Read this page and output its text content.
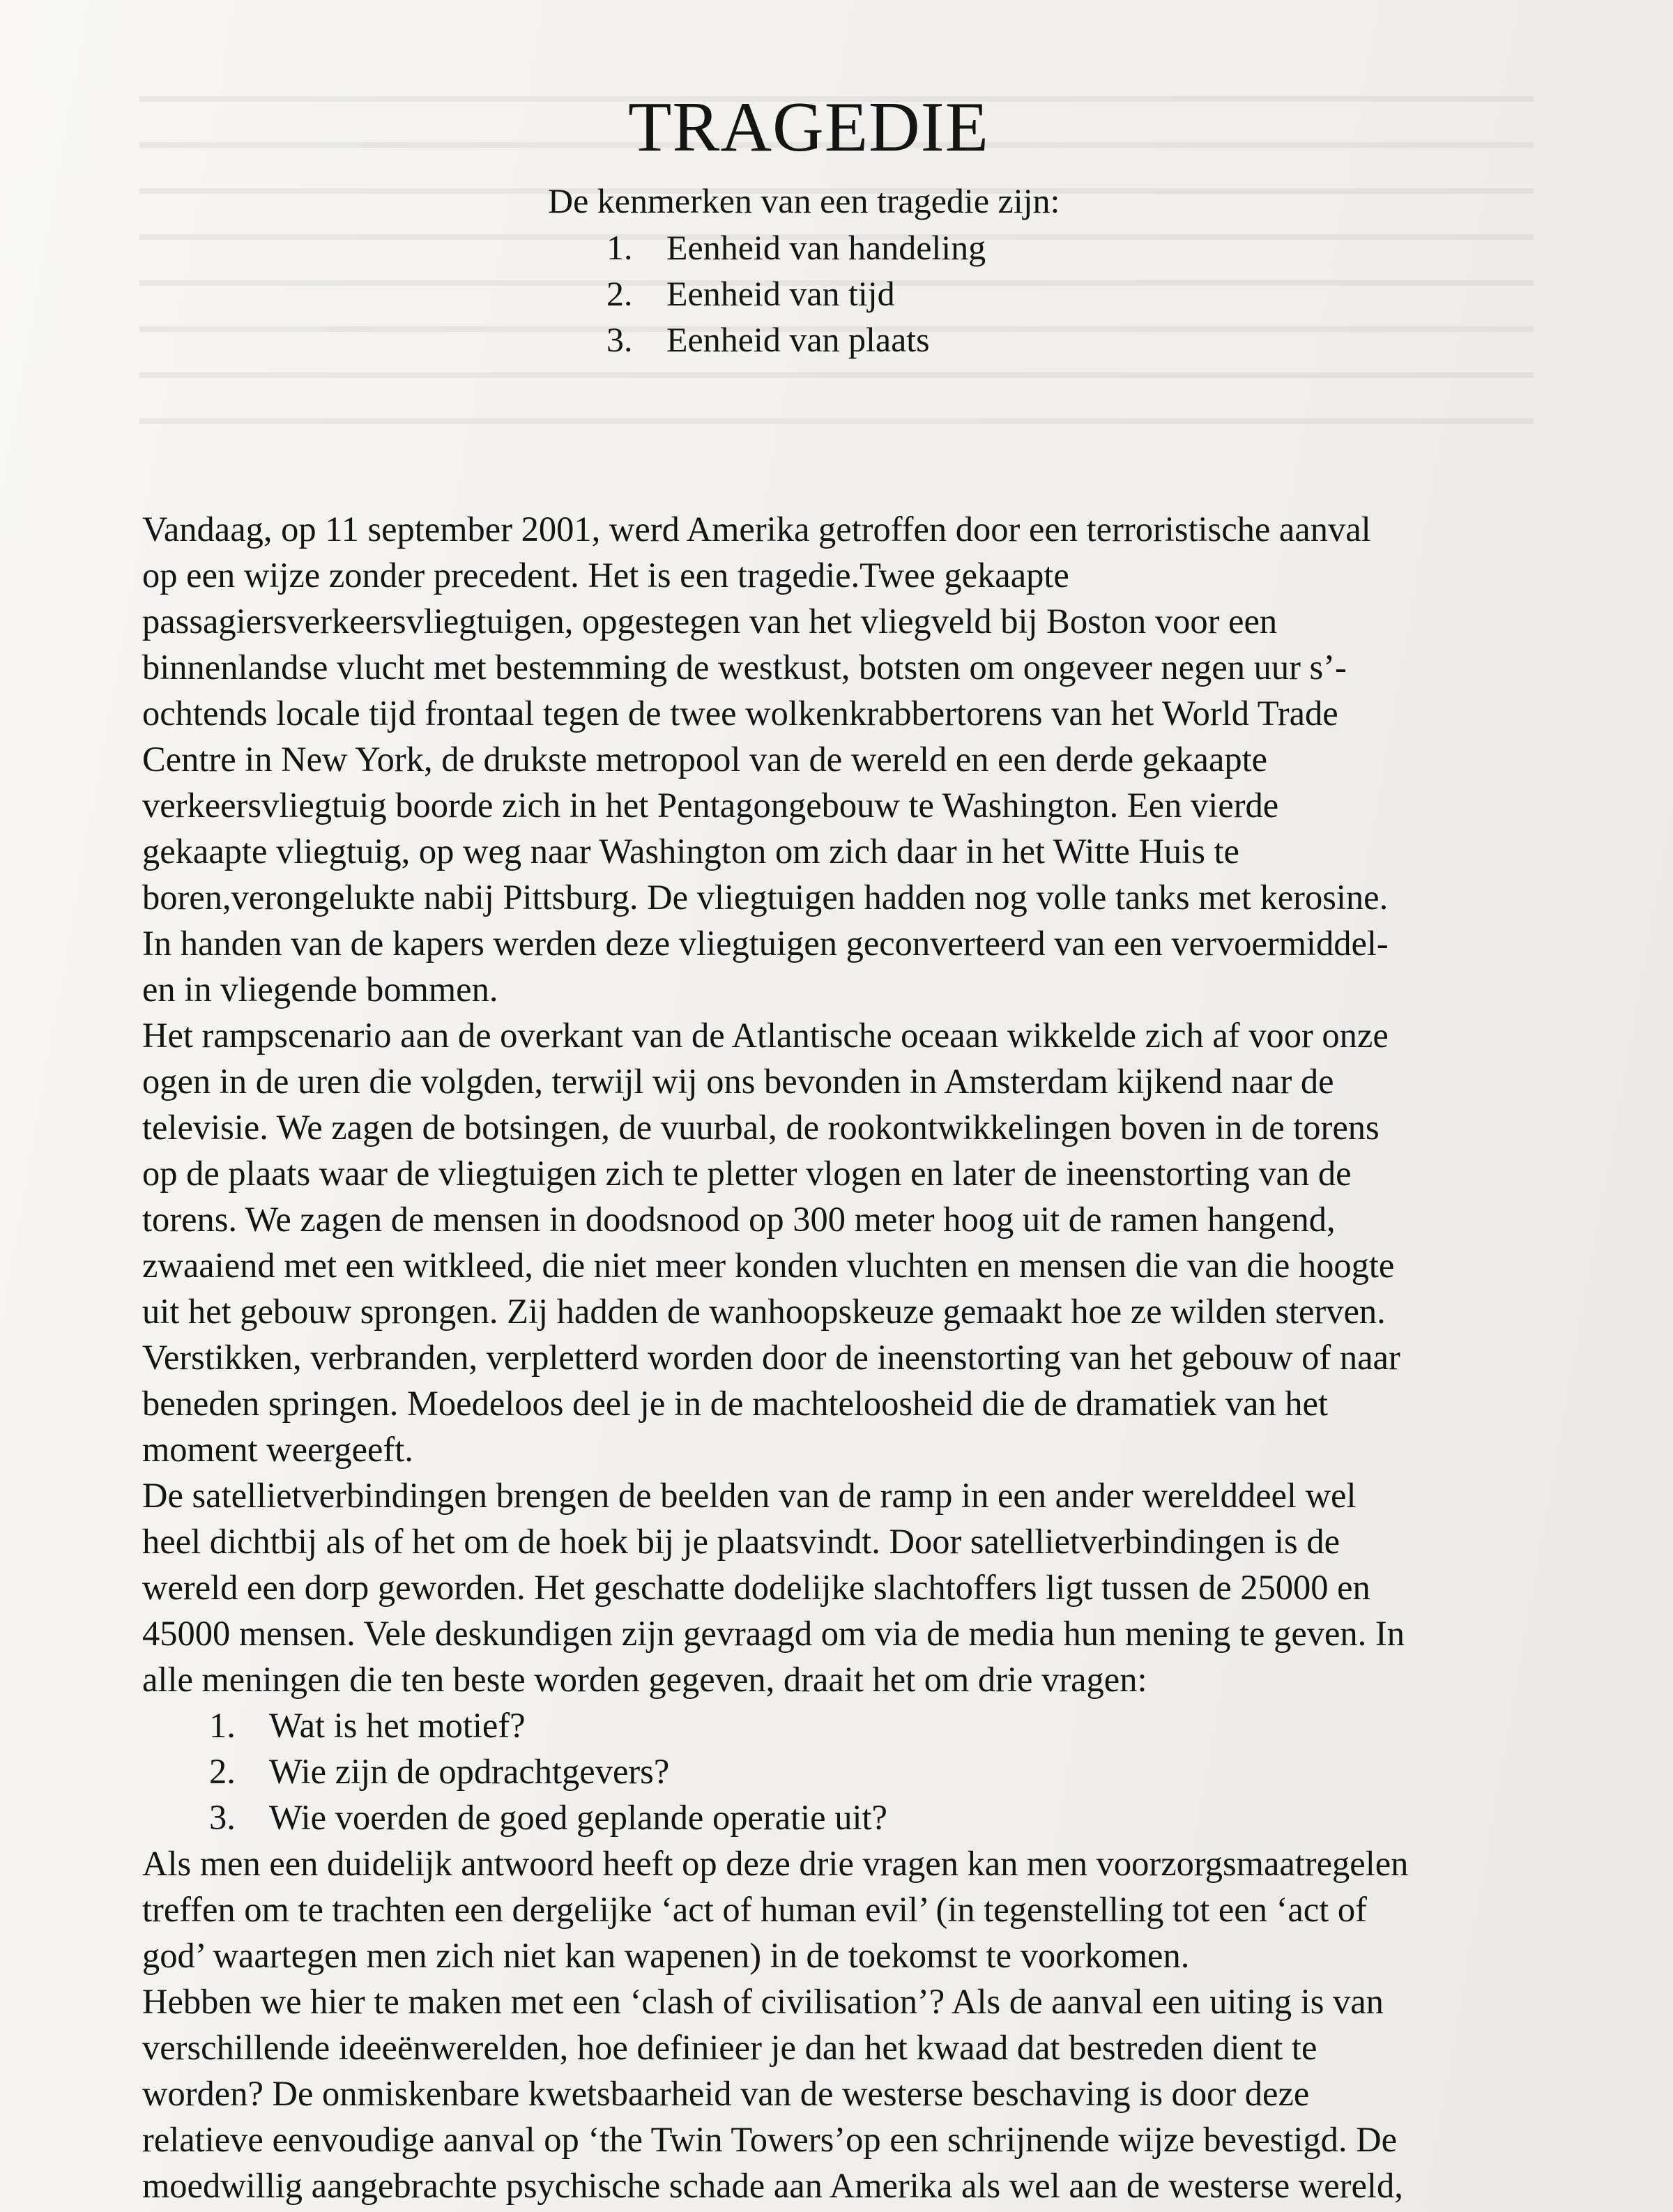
TRAGEDIE
De kenmerken van een tragedie zijn:
1. Eenheid van handeling
2. Eenheid van tijd
3. Eenheid van plaats
Vandaag, op 11 september 2001, werd Amerika getroffen door een terroristische aanval
op een wijze zonder precedent. Het is een tragedie.Twee gekaapte
passagiersverkeersvliegtuigen, opgestegen van het vliegveld bij Boston voor een
binnenlandse vlucht met bestemming de westkust, botsten om ongeveer negen uur s’-
ochtends locale tijd frontaal tegen de twee wolkenkrabbertorens van het World Trade
Centre in New York, de drukste metropool van de wereld en een derde gekaapte
verkeersvliegtuig boorde zich in het Pentagongebouw te Washington. Een vierde
gekaapte vliegtuig, op weg naar Washington om zich daar in het Witte Huis te
boren,verongelukte nabij Pittsburg. De vliegtuigen hadden nog volle tanks met kerosine.
In handen van de kapers werden deze vliegtuigen geconverteerd van een vervoermiddel-
en in vliegende bommen.
Het rampscenario aan de overkant van de Atlantische oceaan wikkelde zich af voor onze
ogen in de uren die volgden, terwijl wij ons bevonden in Amsterdam kijkend naar de
televisie. We zagen de botsingen, de vuurbal, de rookontwikkelingen boven in de torens
op de plaats waar de vliegtuigen zich te pletter vlogen en later de ineenstorting van de
torens. We zagen de mensen in doodsnood op 300 meter hoog uit de ramen hangend,
zwaaiend met een witkleed, die niet meer konden vluchten en mensen die van die hoogte
uit het gebouw sprongen. Zij hadden de wanhoopskeuze gemaakt hoe ze wilden sterven.
Verstikken, verbranden, verpletterd worden door de ineenstorting van het gebouw of naar
beneden springen. Moedeloos deel je in de machteloosheid die de dramatiek van het
moment weergeeft.
De satellietverbindingen brengen de beelden van de ramp in een ander werelddeel wel
heel dichtbij als of het om de hoek bij je plaatsvindt. Door satellietverbindingen is de
wereld een dorp geworden. Het geschatte dodelijke slachtoffers ligt tussen de 25000 en
45000 mensen. Vele deskundigen zijn gevraagd om via de media hun mening te geven. In
alle meningen die ten beste worden gegeven, draait het om drie vragen:
1. Wat is het motief?
2. Wie zijn de opdrachtgevers?
3. Wie voerden de goed geplande operatie uit?
Als men een duidelijk antwoord heeft op deze drie vragen kan men voorzorgsmaatregelen
treffen om te trachten een dergelijke ‘act of human evil’ (in tegenstelling tot een ‘act of
god’ waartegen men zich niet kan wapenen) in de toekomst te voorkomen.
Hebben we hier te maken met een ‘clash of civilisation’? Als de aanval een uiting is van
verschillende ideeënwerelden, hoe definieer je dan het kwaad dat bestreden dient te
worden? De onmiskenbare kwetsbaarheid van de westerse beschaving is door deze
relatieve eenvoudige aanval op ‘the Twin Towers’op een schrijnende wijze bevestigd. De
moedwillig aangebrachte psychische schade aan Amerika als wel aan de westerse wereld,
